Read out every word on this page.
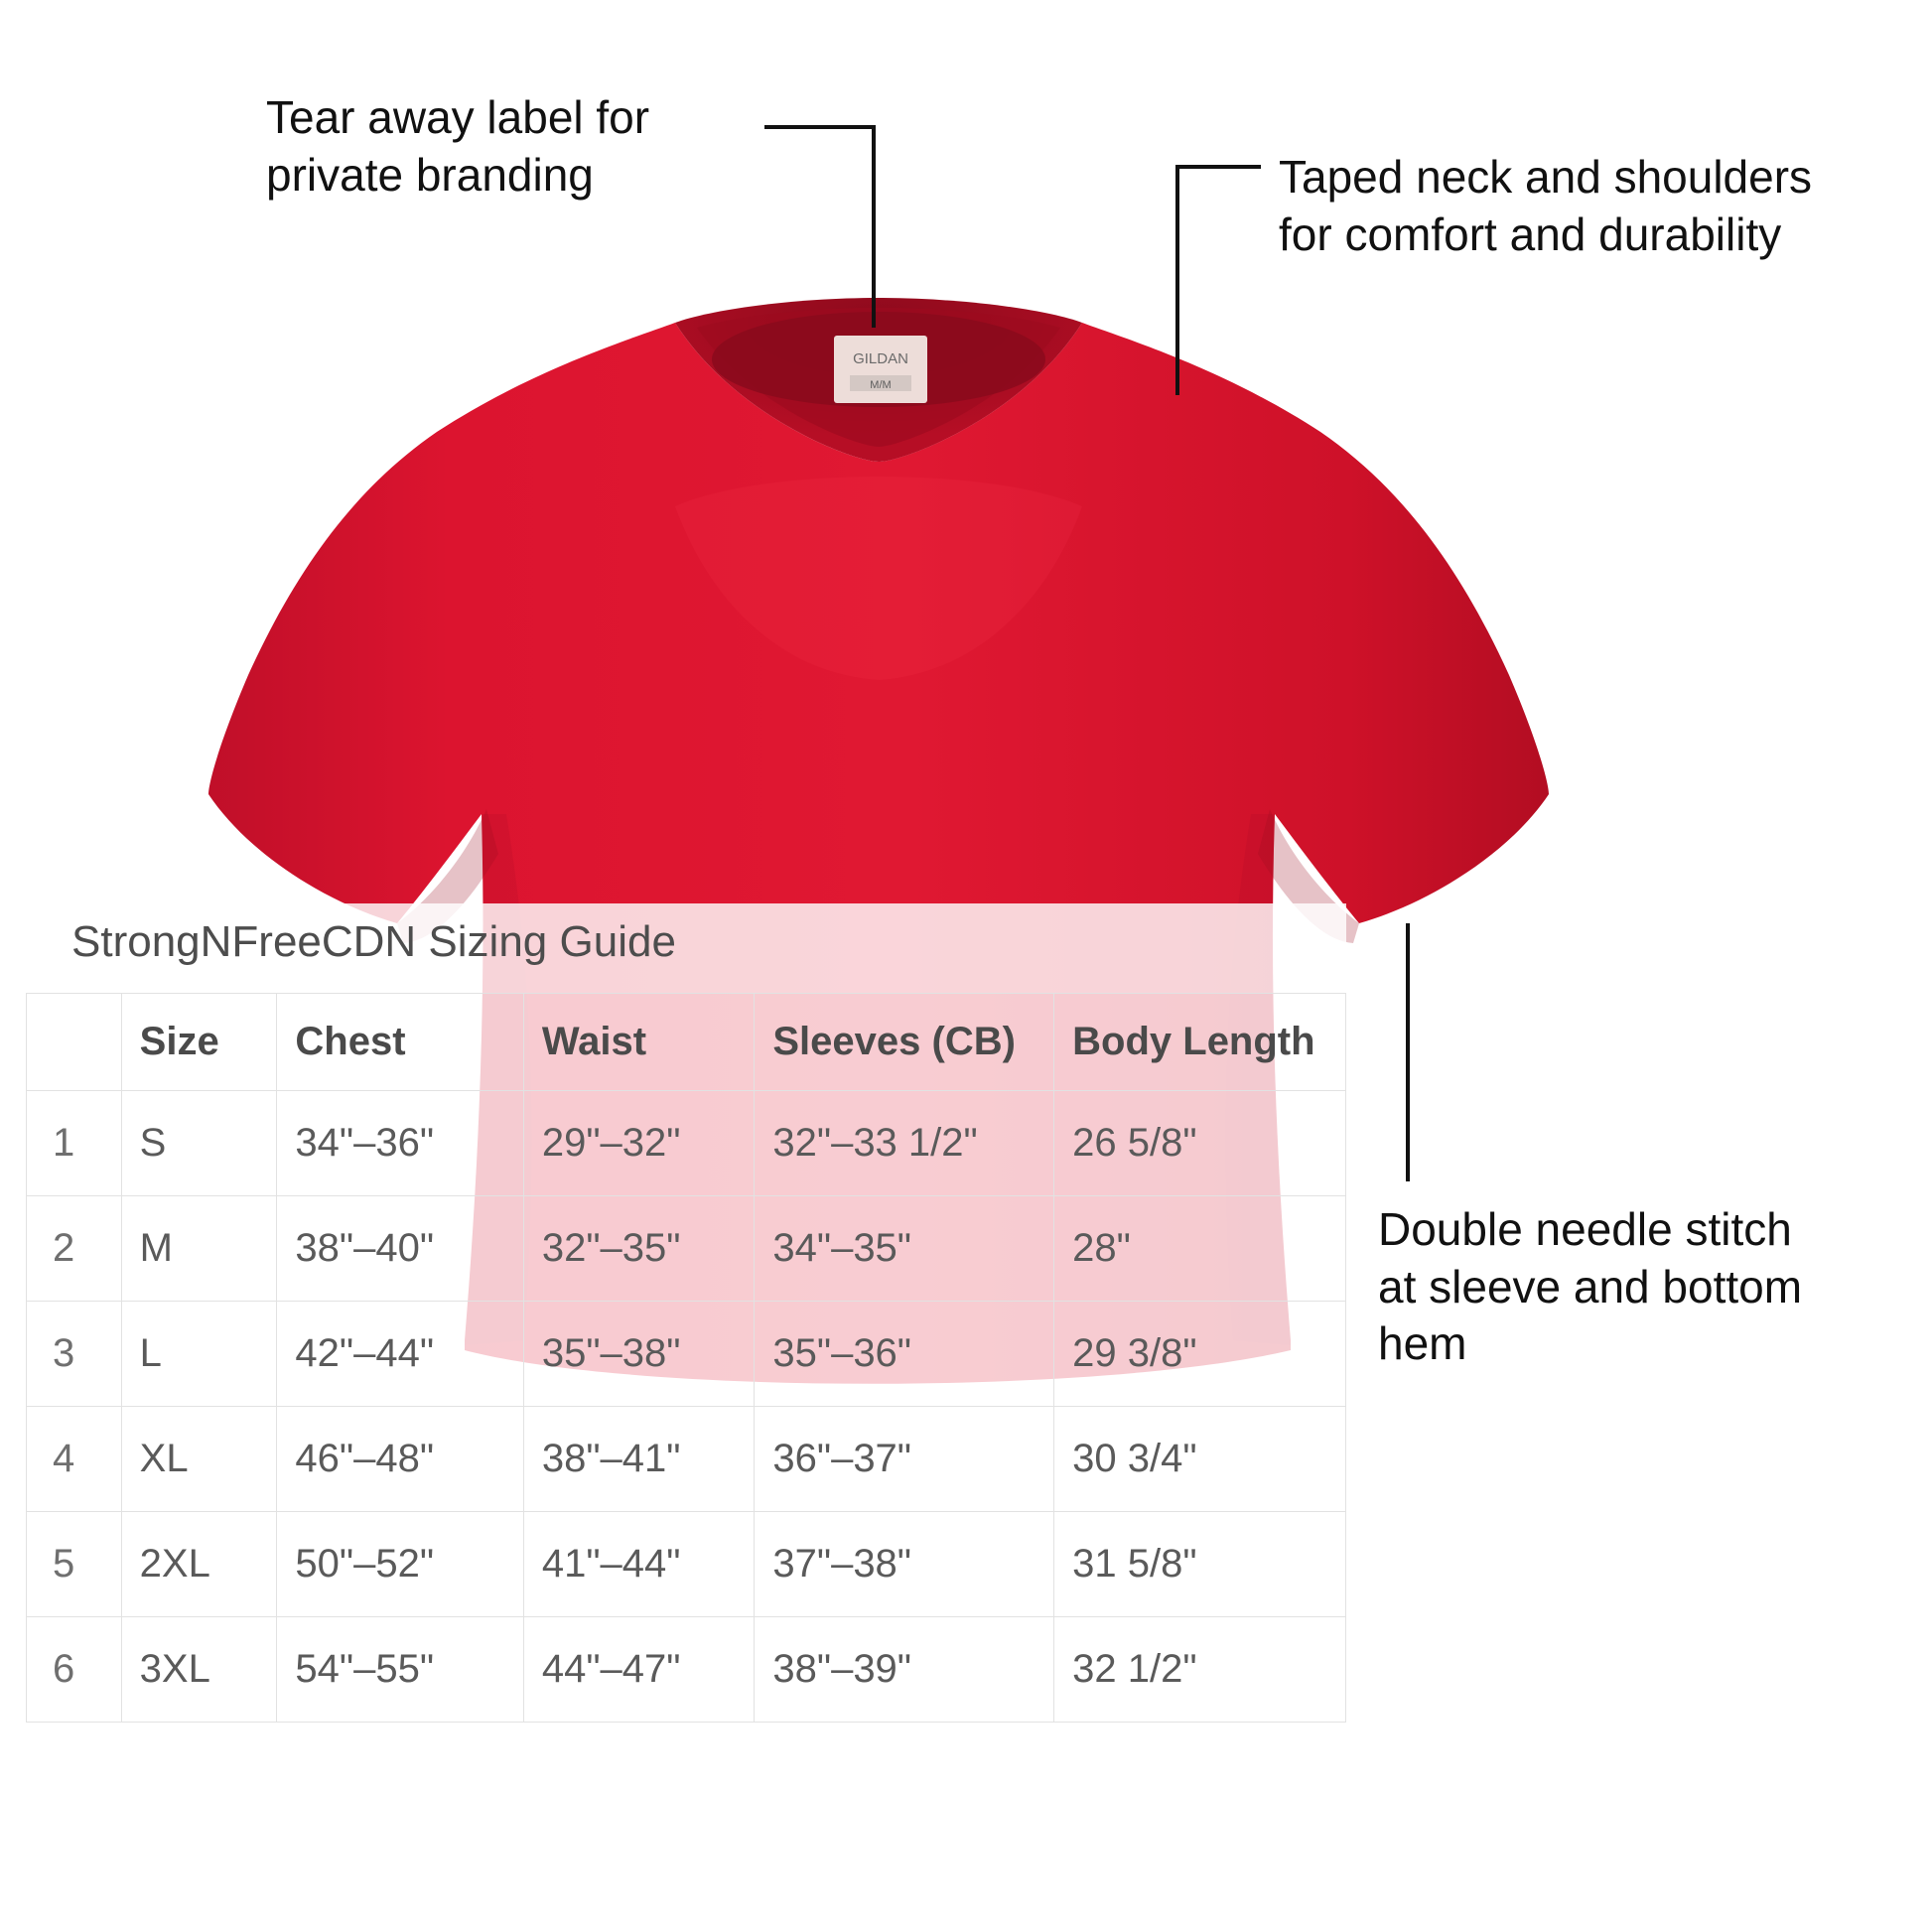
GILDAN
M/M
Tear away label for private branding	Taped neck and shoulders for comfort and durability
Double needle stitch at sleeve and bottom hem
StrongNFreeCDN Sizing Guide
	Size	Chest	Waist	Sleeves (CB)	Body Length
1	S	34"–36"	29"–32"	32"–33 1/2"	26 5/8"
2	M	38"–40"	32"–35"	34"–35"	28"
3	L	42"–44"	35"–38"	35"–36"	29 3/8"
4	XL	46"–48"	38"–41"	36"–37"	30 3/4"
5	2XL	50"–52"	41"–44"	37"–38"	31 5/8"
6	3XL	54"–55"	44"–47"	38"–39"	32 1/2"
